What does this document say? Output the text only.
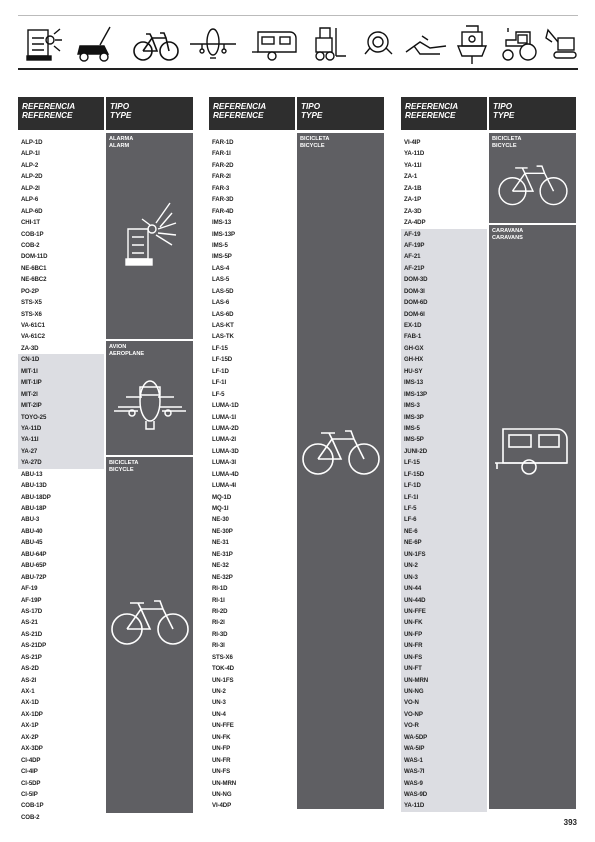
REFERENCIA
REFERENCE
TIPO
TYPE
ALARMA
ALARM
AVION
AEROPLANE
BICICLETA
BICYCLE
ALP-1D
ALP-1I
ALP-2
ALP-2D
ALP-2I
ALP-6
ALP-6D
CHI-1T
COB-1P
COB-2
DOM-11D
NE-6BC1
NE-6BC2
PO-2P
STS-X5
STS-X6
VA-61C1
VA-61C2
ZA-3D
CN-1D
MIT-1I
MIT-1IP
MIT-2I
MIT-2IP
TOYO-25
YA-11D
YA-11I
YA-27
YA-27D
ABU-13
ABU-13D
ABU-18DP
ABU-18P
ABU-3
ABU-40
ABU-45
ABU-64P
ABU-65P
ABU-72P
AF-19
AF-19P
AS-17D
AS-21
AS-21D
AS-21DP
AS-21P
AS-2D
AS-2I
AX-1
AX-1D
AX-1DP
AX-1P
AX-2P
AX-3DP
CI-4DP
CI-4IP
CI-5DP
CI-5IP
COB-1P
COB-2
REFERENCIA
REFERENCE
TIPO
TYPE
BICICLETA
BICYCLE
FAR-1D
FAR-1I
FAR-2D
FAR-2I
FAR-3
FAR-3D
FAR-4D
IMS-13
IMS-13P
IMS-5
IMS-5P
LAS-4
LAS-5
LAS-5D
LAS-6
LAS-6D
LAS-KT
LAS-TK
LF-15
LF-15D
LF-1D
LF-1I
LF-5
LUMA-1D
LUMA-1I
LUMA-2D
LUMA-2I
LUMA-3D
LUMA-3I
LUMA-4D
LUMA-4I
MQ-1D
MQ-1I
NE-30
NE-30P
NE-31
NE-31P
NE-32
NE-32P
RI-1D
RI-1I
RI-2D
RI-2I
RI-3D
RI-3I
STS-X6
TOK-4D
UN-1FS
UN-2
UN-3
UN-4
UN-FFE
UN-FK
UN-FP
UN-FR
UN-FS
UN-MRN
UN-NG
VI-4DP
REFERENCIA
REFERENCE
TIPO
TYPE
BICICLETA
BICYCLE
CARAVANA
CARAVANS
VI-4IP
YA-11D
YA-11I
ZA-1
ZA-1B
ZA-1P
ZA-3D
ZA-4DP
AF-19
AF-19P
AF-21
AF-21P
DOM-3D
DOM-3I
DOM-6D
DOM-6I
EX-1D
FAB-1
GH-GX
GH-HX
HU-SY
IMS-13
IMS-13P
IMS-3
IMS-3P
IMS-5
IMS-5P
JUNI-2D
LF-15
LF-15D
LF-1D
LF-1I
LF-5
LF-6
NE-6
NE-6P
UN-1FS
UN-2
UN-3
UN-44
UN-44D
UN-FFE
UN-FK
UN-FP
UN-FR
UN-FS
UN-FT
UN-MRN
UN-NG
VO-N
VO-NP
VO-R
WA-5DP
WA-5IP
WAS-1
WAS-7I
WAS-9
WAS-9D
YA-11D
393
